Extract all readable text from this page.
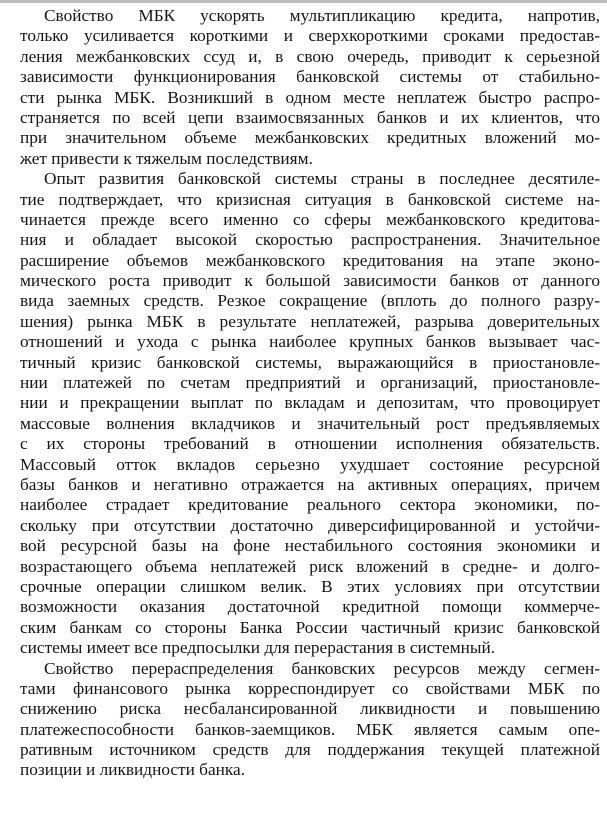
Свойство МБК ускорять мультипликацию кредита, напротив,
только усиливается короткими и сверхкороткими сроками предостав-
ления межбанковских ссуд и, в свою очередь, приводит к серьезной
зависимости функционирования банковской системы от стабильно-
сти рынка МБК. Возникший в одном месте неплатеж быстро распро-
страняется по всей цепи взаимосвязанных банков и их клиентов, что
при значительном объеме межбанковских кредитных вложений мо-
жет привести к тяжелым последствиям.
Опыт развития банковской системы страны в последнее десятиле-
тие подтверждает, что кризисная ситуация в банковской системе на-
чинается прежде всего именно со сферы межбанковского кредитова-
ния и обладает высокой скоростью распространения. Значительное
расширение объемов межбанковского кредитования на этапе эконо-
мического роста приводит к большой зависимости банков от данного
вида заемных средств. Резкое сокращение (вплоть до полного разру-
шения) рынка МБК в результате неплатежей, разрыва доверительных
отношений и ухода с рынка наиболее крупных банков вызывает час-
тичный кризис банковской системы, выражающийся в приостановле-
нии платежей по счетам предприятий и организаций, приостановле-
нии и прекращении выплат по вкладам и депозитам, что провоцирует
массовые волнения вкладчиков и значительный рост предъявляемых
с их стороны требований в отношении исполнения обязательств.
Массовый отток вкладов серьезно ухудшает состояние ресурсной
базы банков и негативно отражается на активных операциях, причем
наиболее страдает кредитование реального сектора экономики, по-
скольку при отсутствии достаточно диверсифицированной и устойчи-
вой ресурсной базы на фоне нестабильного состояния экономики и
возрастающего объема неплатежей риск вложений в средне- и долго-
срочные операции слишком велик. В этих условиях при отсутствии
возможности оказания достаточной кредитной помощи коммерче-
ским банкам со стороны Банка России частичный кризис банковской
системы имеет все предпосылки для перерастания в системный.
Свойство перераспределения банковских ресурсов между сегмен-
тами финансового рынка корреспондирует со свойствами МБК по
снижению риска несбалансированной ликвидности и повышению
платежеспособности банков-заемщиков. МБК является самым опе-
ративным источником средств для поддержания текущей платежной
позиции и ликвидности банка.
